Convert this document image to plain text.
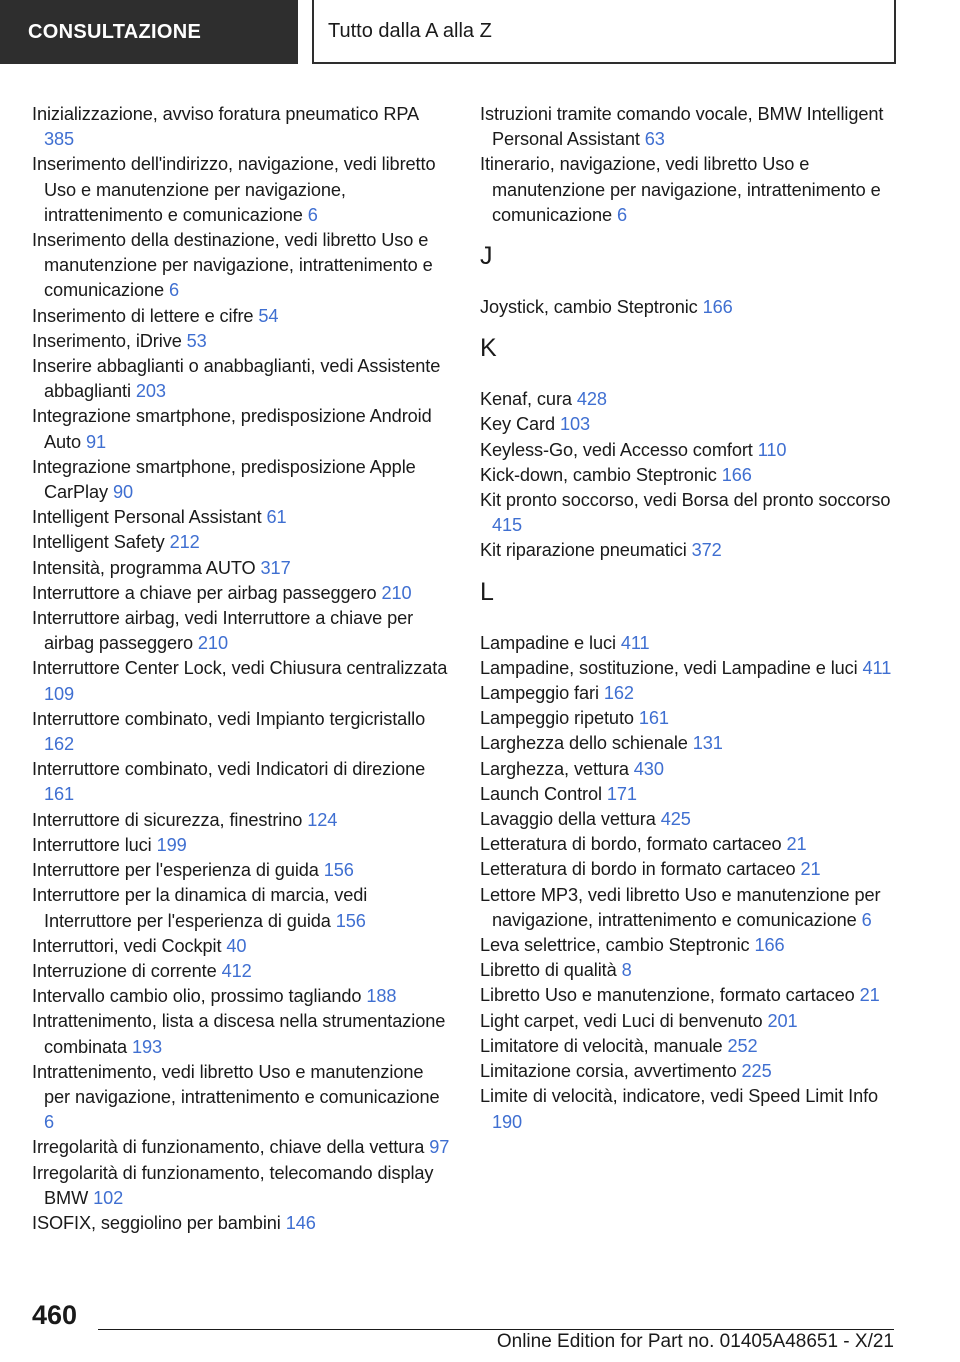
CONSULTAZIONE	Tutto dalla A alla Z
Inizializzazione, avviso foratura pneumatico RPA 385
Inserimento dell'indirizzo, navigazione, vedi libretto Uso e manutenzione per navigazione, intrattenimento e comunicazione 6
Inserimento della destinazione, vedi libretto Uso e manutenzione per navigazione, intrattenimento e comunicazione 6
Inserimento di lettere e cifre 54
Inserimento, iDrive 53
Inserire abbaglianti o anabbaglianti, vedi Assistente abbaglianti 203
Integrazione smartphone, predisposizione Android Auto 91
Integrazione smartphone, predisposizione Apple CarPlay 90
Intelligent Personal Assistant 61
Intelligent Safety 212
Intensità, programma AUTO 317
Interruttore a chiave per airbag passeggero 210
Interruttore airbag, vedi Interruttore a chiave per airbag passeggero 210
Interruttore Center Lock, vedi Chiusura centralizzata 109
Interruttore combinato, vedi Impianto tergicristallo 162
Interruttore combinato, vedi Indicatori di direzione 161
Interruttore di sicurezza, finestrino 124
Interruttore luci 199
Interruttore per l'esperienza di guida 156
Interruttore per la dinamica di marcia, vedi Interruttore per l'esperienza di guida 156
Interruttori, vedi Cockpit 40
Interruzione di corrente 412
Intervallo cambio olio, prossimo tagliando 188
Intrattenimento, lista a discesa nella strumentazione combinata 193
Intrattenimento, vedi libretto Uso e manutenzione per navigazione, intrattenimento e comunicazione 6
Irregolarità di funzionamento, chiave della vettura 97
Irregolarità di funzionamento, telecomando display BMW 102
ISOFIX, seggiolino per bambini 146
Istruzioni tramite comando vocale, BMW Intelligent Personal Assistant 63
Itinerario, navigazione, vedi libretto Uso e manutenzione per navigazione, intrattenimento e comunicazione 6
J
Joystick, cambio Steptronic 166
K
Kenaf, cura 428
Key Card 103
Keyless-Go, vedi Accesso comfort 110
Kick-down, cambio Steptronic 166
Kit pronto soccorso, vedi Borsa del pronto soccorso 415
Kit riparazione pneumatici 372
L
Lampadine e luci 411
Lampadine, sostituzione, vedi Lampadine e luci 411
Lampeggio fari 162
Lampeggio ripetuto 161
Larghezza dello schienale 131
Larghezza, vettura 430
Launch Control 171
Lavaggio della vettura 425
Letteratura di bordo, formato cartaceo 21
Letteratura di bordo in formato cartaceo 21
Lettore MP3, vedi libretto Uso e manutenzione per navigazione, intrattenimento e comunicazione 6
Leva selettrice, cambio Steptronic 166
Libretto di qualità 8
Libretto Uso e manutenzione, formato cartaceo 21
Light carpet, vedi Luci di benvenuto 201
Limitatore di velocità, manuale 252
Limitazione corsia, avvertimento 225
Limite di velocità, indicatore, vedi Speed Limit Info 190
460
Online Edition for Part no. 01405A48651 - X/21
